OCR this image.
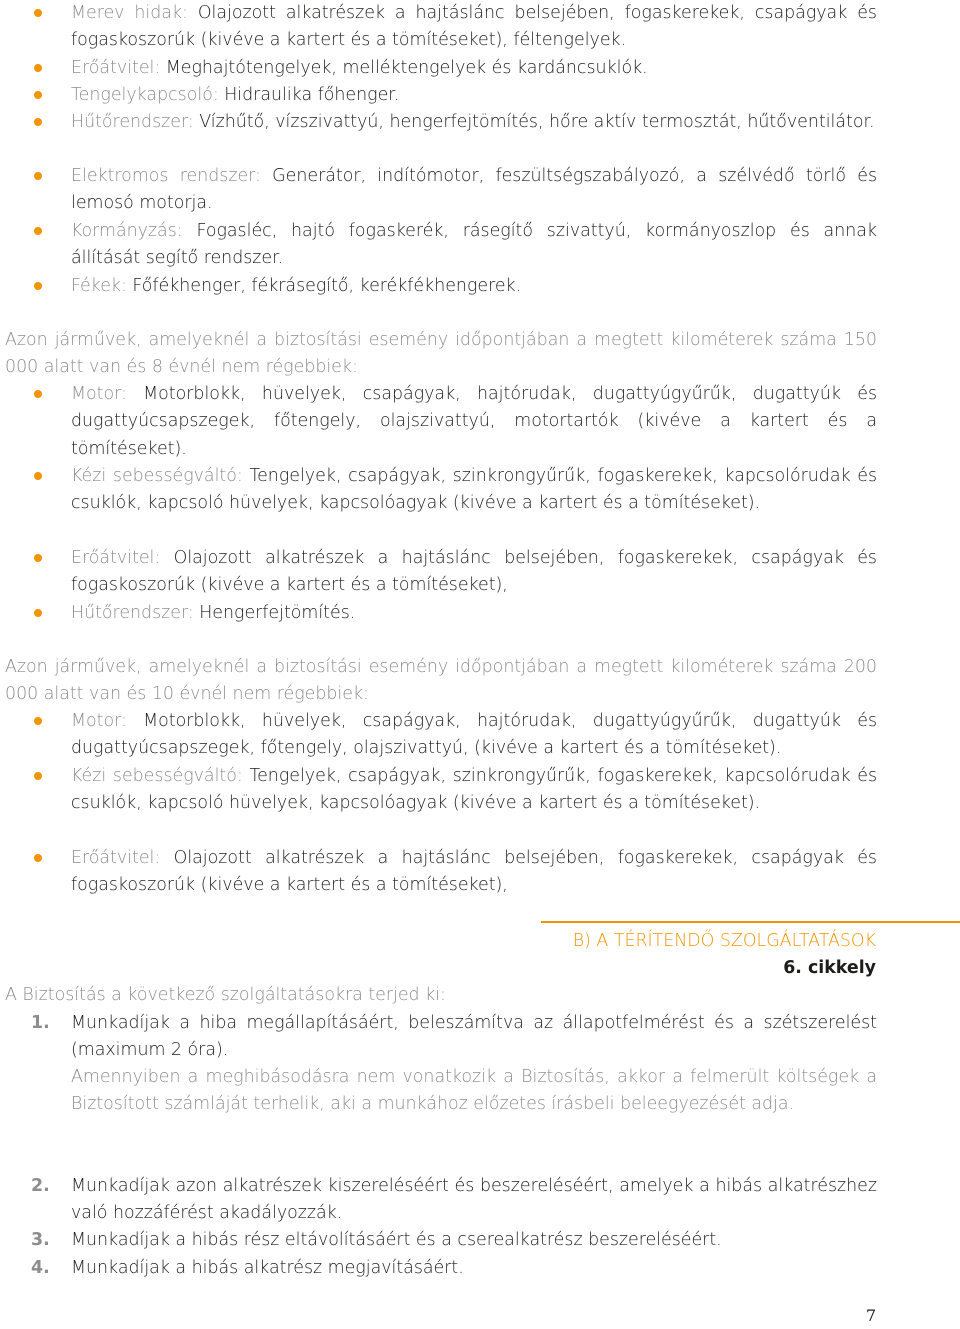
Merev hidak: Olajozott alkatrészek a hajtáslánc belsejében, fogaskerekek, csapágyak és fogaskoszorúk (kivéve a kartert és a tömítéseket), féltengelyek.
Erőátvitel: Meghajtótengelyek, melléktengelyek és kardáncsuklók.
Tengelykapcsoló: Hidraulika főhenger.
Hűtőrendszer: Vízhűtő, vízszivattyú, hengerfejtömítés, hőre aktív termosztát, hűtőventilátor.
Elektromos rendszer: Generátor, indítómotor, feszültségszabályozó, a szélvédő törlő és lemosó motorja.
Kormányzás: Fogasléc, hajtó fogaskerék, rásegítő szivattyú, kormányoszlop és annak állítását segítő rendszer.
Fékek: Főfékhenger, fékrásegítő, kerékfékhengerek.
Azon járművek, amelyeknél a biztosítási esemény időpontjában a megtett kilométerek száma 150 000 alatt van és 8 évnél nem régebbiek:
Motor: Motorblokk, hüvelyek, csapágyak, hajtórudak, dugattyúgyűrűk, dugattyúk és dugattyúcsapszegek, főtengely, olajszivattyú, motortartók (kivéve a kartert és a tömítéseket).
Kézi sebességváltó: Tengelyek, csapágyak, szinkrongyűrűk, fogaskerekek, kapcsolórudak és csuklók, kapcsoló hüvelyek, kapcsolóagyak (kivéve a kartert és a tömítéseket).
Erőátvitel: Olajozott alkatrészek a hajtáslánc belsejében, fogaskerekek, csapágyak és fogaskoszorúk (kivéve a kartert és a tömítéseket),
Hűtőrendszer: Hengerfejtömítés.
Azon járművek, amelyeknél a biztosítási esemény időpontjában a megtett kilométerek száma 200 000 alatt van és 10 évnél nem régebbiek:
Motor: Motorblokk, hüvelyek, csapágyak, hajtórudak, dugattyúgyűrűk, dugattyúk és dugattyúcsapszegek, főtengely, olajszivattyú, (kivéve a kartert és a tömítéseket).
Kézi sebességváltó: Tengelyek, csapágyak, szinkrongyűrűk, fogaskerekek, kapcsolórudak és csuklók, kapcsoló hüvelyek, kapcsolóagyak (kivéve a kartert és a tömítéseket).
Erőátvitel: Olajozott alkatrészek a hajtáslánc belsejében, fogaskerekek, csapágyak és fogaskoszorúk (kivéve a kartert és a tömítéseket),
B) A TÉRÍTENDŐ SZOLGÁLTATÁSOK
6. cikkely
A Biztosítás a következő szolgáltatásokra terjed ki:
1. Munkadíjak a hiba megállapításáért, beleszámítva az állapotfelmérést és a szétszerelést (maximum 2 óra).
Amennyiben a meghibásodásra nem vonatkozik a Biztosítás, akkor a felmerült költségek a Biztosított számláját terhelik, aki a munkához előzetes írásbeli beleegyezését adja.
2. Munkadíjak azon alkatrészek kiszereléséért és beszereléséért, amelyek a hibás alkatrészhez való hozzáférést akadályozzák.
3. Munkadíjak a hibás rész eltávolításáért és a cserealkatrész beszereléséért.
4. Munkadíjak a hibás alkatrész megjavításáért.
7
